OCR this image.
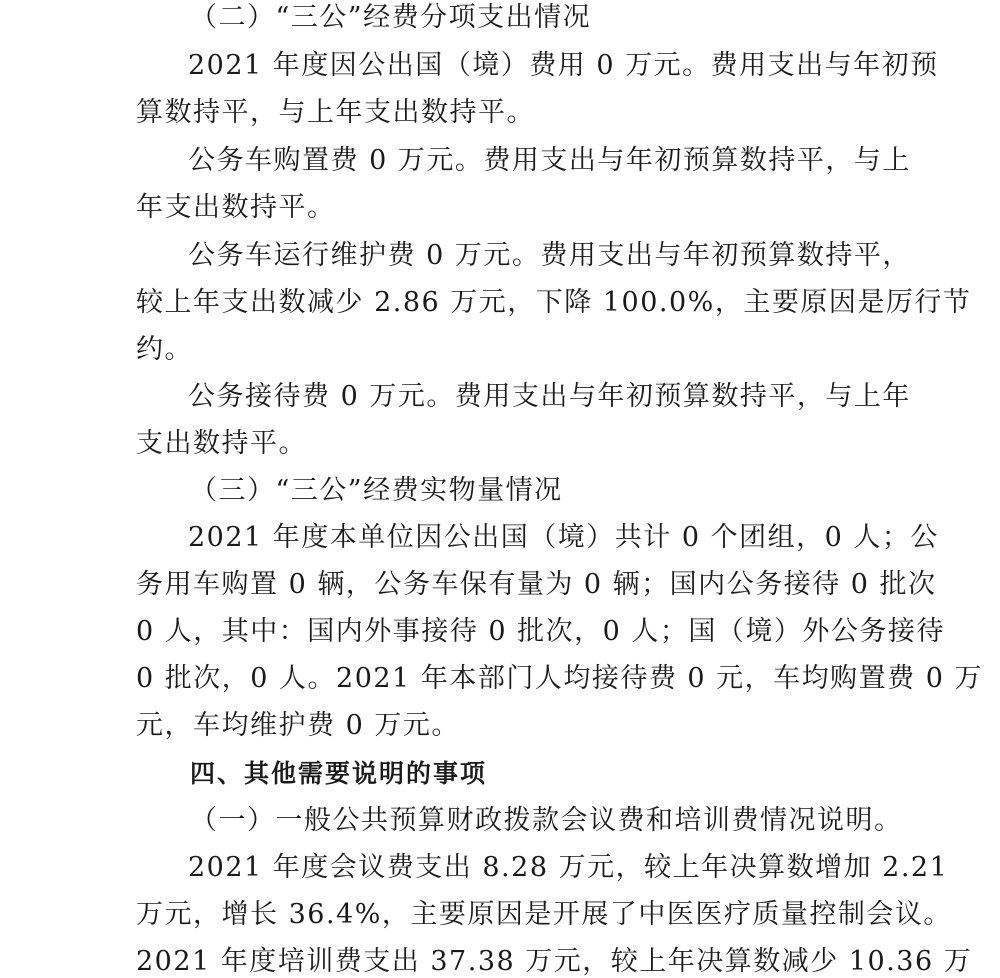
（二）“三公”经费分项支出情况

2021 年度因公出国（境）费用 0 万元。费用支出与年初预

算数持平，与上年支出数持平。

公务车购置费 0 万元。费用支出与年初预算数持平，与上

年支出数持平。

公务车运行维护费 0 万元。费用支出与年初预算数持平，

较上年支出数减少 2.86 万元，下降 100.0%，主要原因是厉行节

约。

公务接待费 0 万元。费用支出与年初预算数持平，与上年

支出数持平。

（三）“三公”经费实物量情况

2021 年度本单位因公出国（境）共计 0 个团组，0 人；公

务用车购置 0 辆，公务车保有量为 0 辆；国内公务接待 0 批次

0 人，其中：国内外事接待 0 批次，0 人；国（境）外公务接待

0 批次，0 人。2021 年本部门人均接待费 0 元，车均购置费 0 万

元，车均维护费 0 万元。

四、其他需要说明的事项

（一）一般公共预算财政拨款会议费和培训费情况说明。

2021 年度会议费支出 8.28 万元，较上年决算数增加 2.21

万元，增长 36.4%，主要原因是开展了中医医疗质量控制会议。

2021 年度培训费支出 37.38 万元，较上年决算数减少 10.36 万
